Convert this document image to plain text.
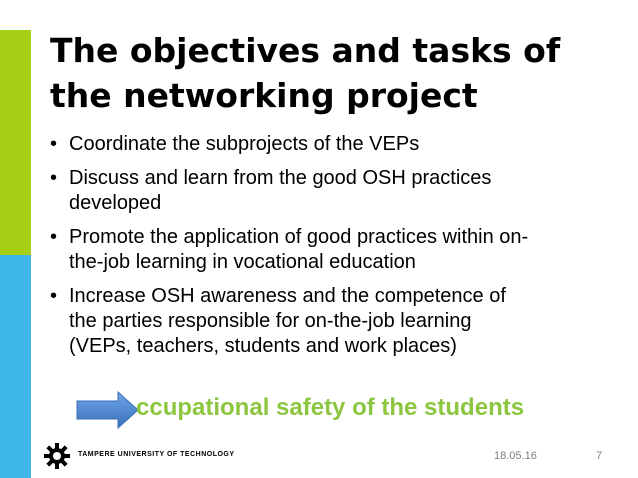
The objectives and tasks of
the networking project
• Coordinate the subprojects of the VEPs
• Discuss and learn from the good OSH practices
developed
• Promote the application of good practices within on-
the-job learning in vocational education
• Increase OSH awareness and the competence of
the parties responsible for on-the-job learning
(VEPs, teachers, students and work places)

ccupational safety of the students

TAMPERE UNIVERSITY OF TECHNOLOGY	18.05.16	7
